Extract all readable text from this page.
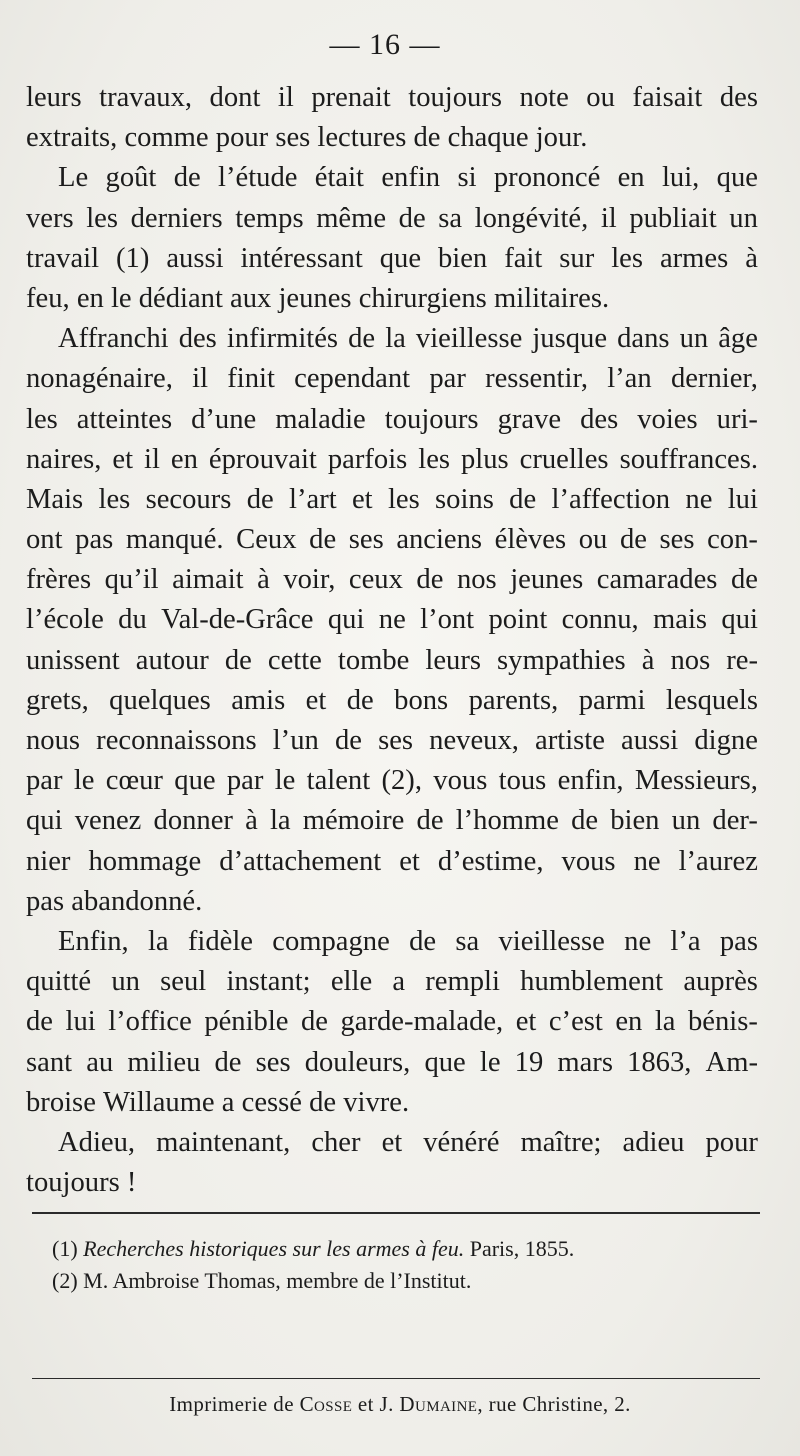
— 16 —
leurs travaux, dont il prenait toujours note ou faisait des
extraits, comme pour ses lectures de chaque jour.
Le goût de l’étude était enfin si prononcé en lui, que
vers les derniers temps même de sa longévité, il publiait un
travail (1) aussi intéressant que bien fait sur les armes à
feu, en le dédiant aux jeunes chirurgiens militaires.
Affranchi des infirmités de la vieillesse jusque dans un âge
nonagénaire, il finit cependant par ressentir, l’an dernier,
les atteintes d’une maladie toujours grave des voies uri-
naires, et il en éprouvait parfois les plus cruelles souffrances.
Mais les secours de l’art et les soins de l’affection ne lui
ont pas manqué. Ceux de ses anciens élèves ou de ses con-
frères qu’il aimait à voir, ceux de nos jeunes camarades de
l’école du Val-de-Grâce qui ne l’ont point connu, mais qui
unissent autour de cette tombe leurs sympathies à nos re-
grets, quelques amis et de bons parents, parmi lesquels
nous reconnaissons l’un de ses neveux, artiste aussi digne
par le cœur que par le talent (2), vous tous enfin, Messieurs,
qui venez donner à la mémoire de l’homme de bien un der-
nier hommage d’attachement et d’estime, vous ne l’aurez
pas abandonné.
Enfin, la fidèle compagne de sa vieillesse ne l’a pas
quitté un seul instant; elle a rempli humblement auprès
de lui l’office pénible de garde-malade, et c’est en la bénis-
sant au milieu de ses douleurs, que le 19 mars 1863, Am-
broise Willaume a cessé de vivre.
Adieu, maintenant, cher et vénéré maître; adieu pour
toujours !
(1) Recherches historiques sur les armes à feu. Paris, 1855.
(2) M. Ambroise Thomas, membre de l’Institut.
Imprimerie de Cosse et J. Dumaine, rue Christine, 2.
